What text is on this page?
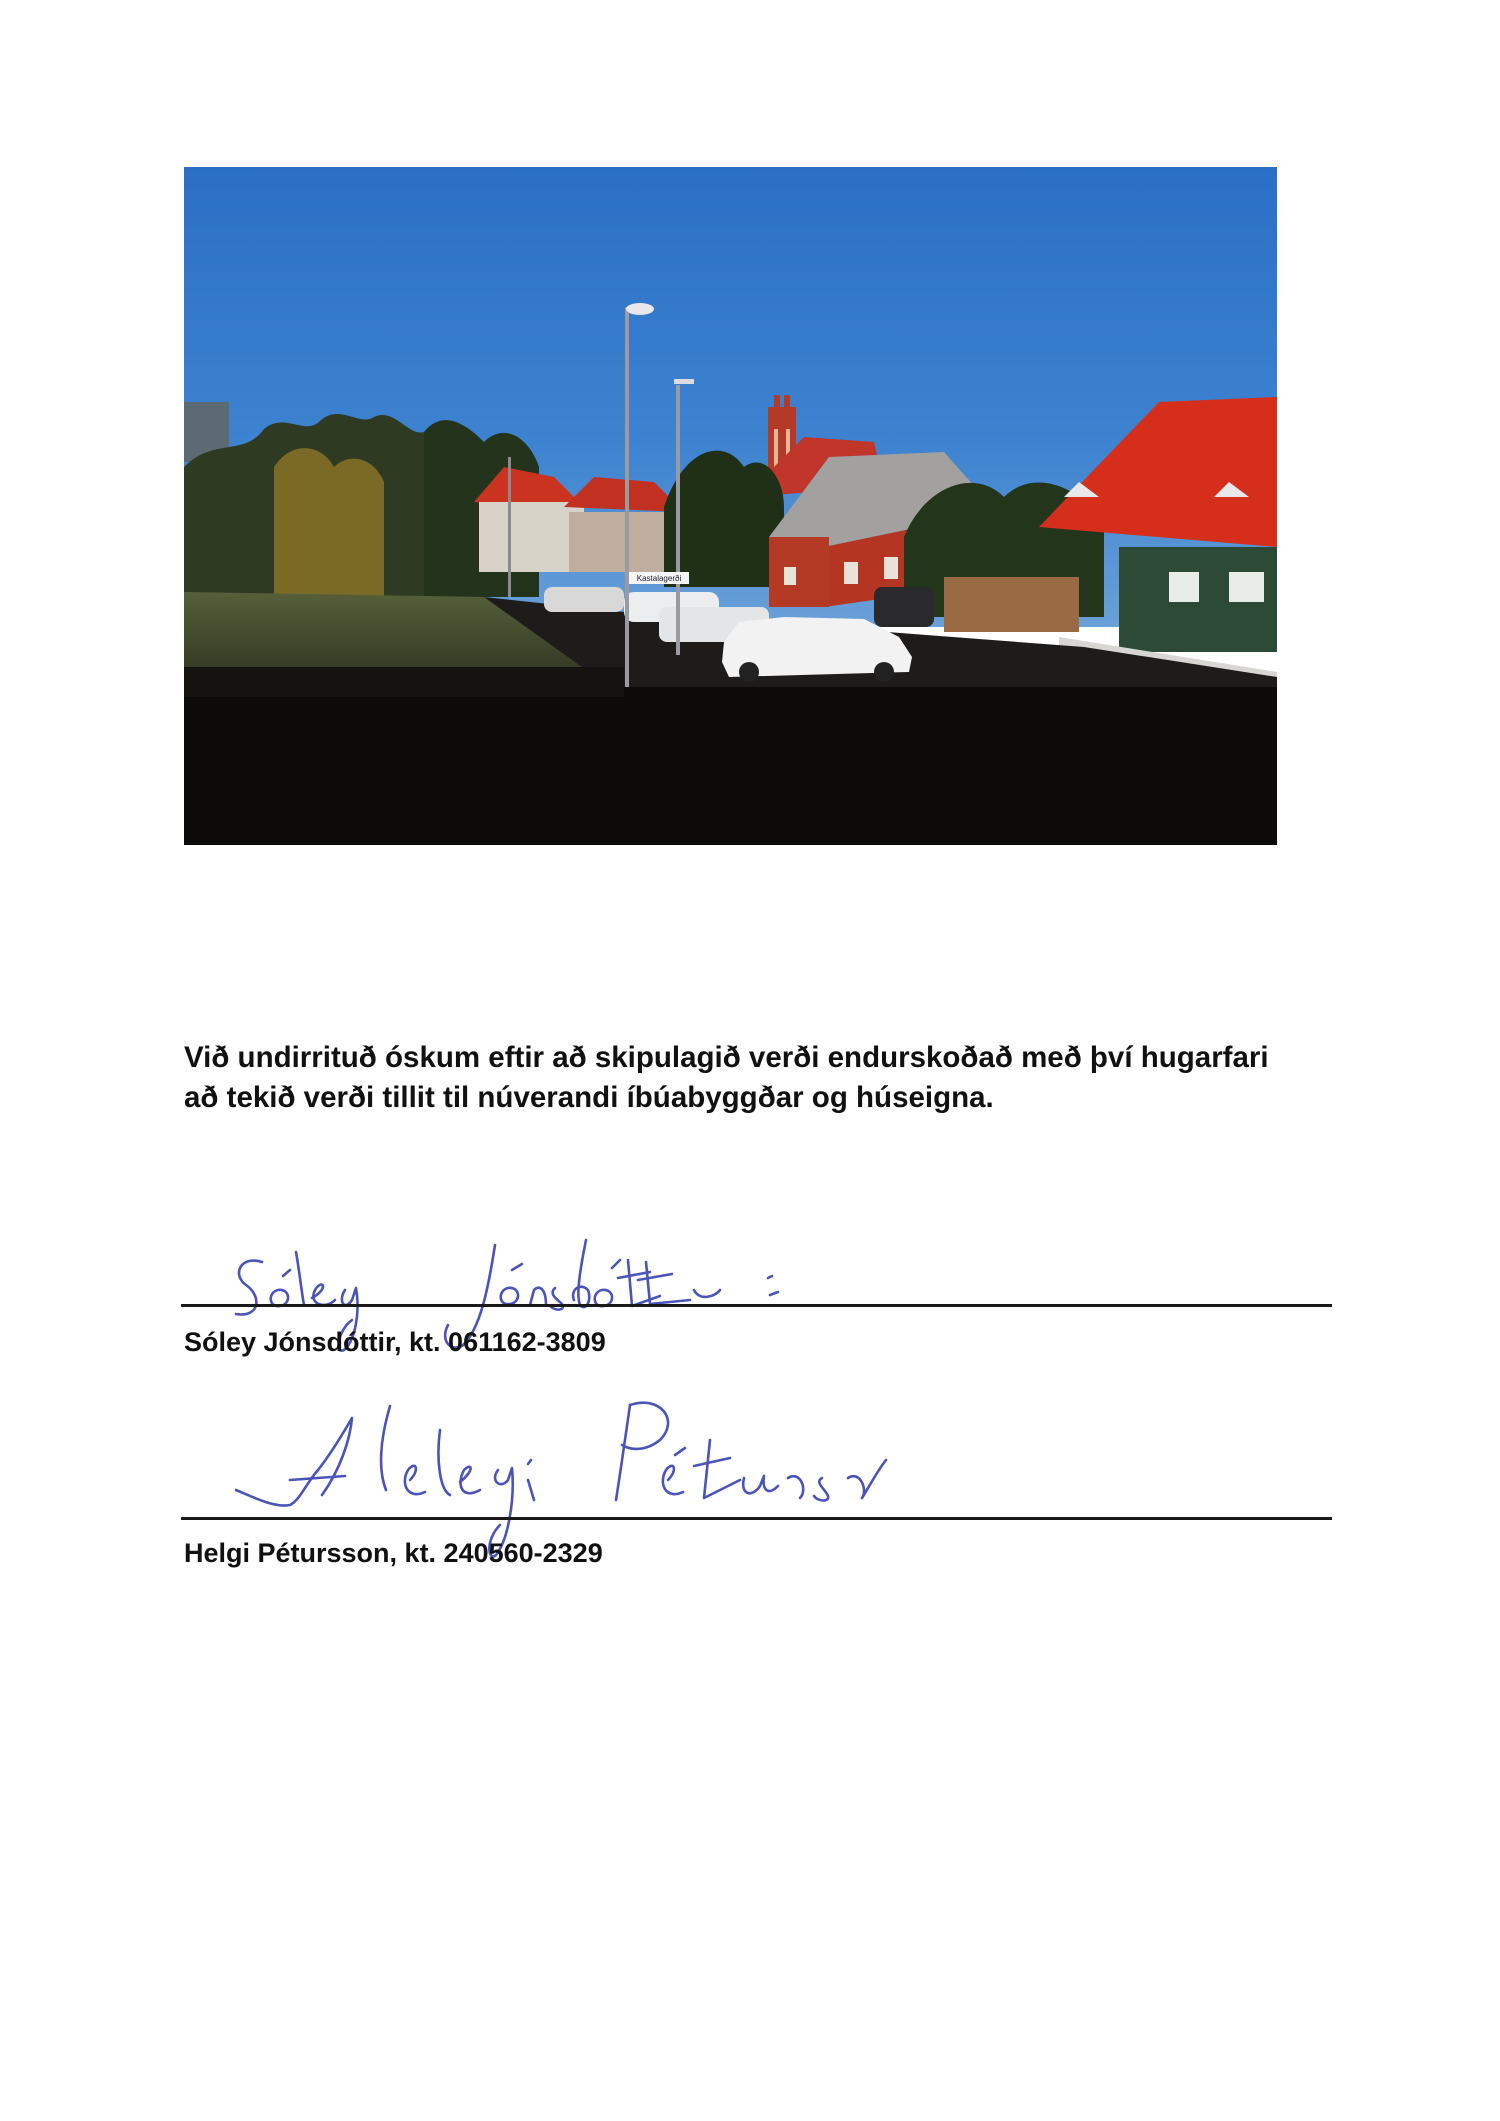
Kastalagerði

Við undirrituð óskum eftir að skipulagið verði endurskoðað með því hugarfari
að tekið verði tillit til núverandi íbúabyggðar og húseigna.

Sóley Jónsdóttir, kt. 061162-3809
Helgi Pétursson, kt. 240560-2329
